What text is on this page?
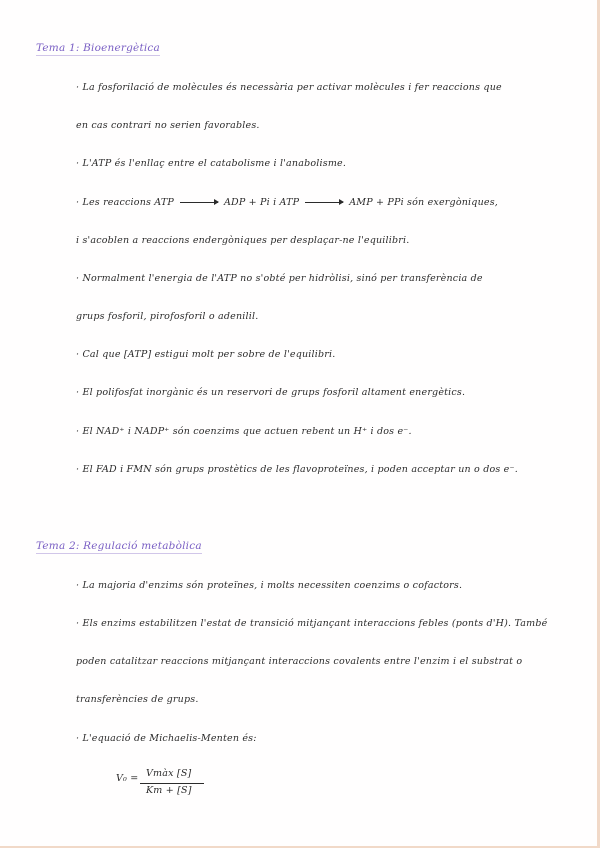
Tema 1: Bioenergètica
· La fosforilació de molècules és necessària per activar molècules i fer reaccions que
en cas contrari no serien favorables.
· L'ATP és l'enllaç entre el catabolisme i l'anabolisme.
· Les reaccions ATP → ADP + Pi i ATP → AMP + PPi són exergòniques,
i s'acoblen a reaccions endergòniques per desplaçar-ne l'equilibri.
· Normalment l'energia de l'ATP no s'obté per hidròlisi, sinó per transferència de
grups fosforil, pirofosforil o adenilil.
· Cal que [ATP] estigui molt per sobre de l'equilibri.
· El polifosfat inorgànic és un reservori de grups fosforil altament energètics.
· El NAD⁺ i NADP⁺ són coenzims que actuen rebent un H⁺ i dos e⁻.
· El FAD i FMN són grups prostètics de les flavoproteïnes, i poden acceptar un o dos e⁻.
Tema 2: Regulació metabòlica
· La majoria d'enzims són proteïnes, i molts necessiten coenzims o cofactors.
· Els enzims estabilitzen l'estat de transició mitjançant interaccions febles (ponts d'H). També
poden catalitzar reaccions mitjançant interaccions covalents entre l'enzim i el substrat o
transferències de grups.
· L'equació de Michaelis-Menten és:
V₀ = Vmàx [S]
Km + [S]
